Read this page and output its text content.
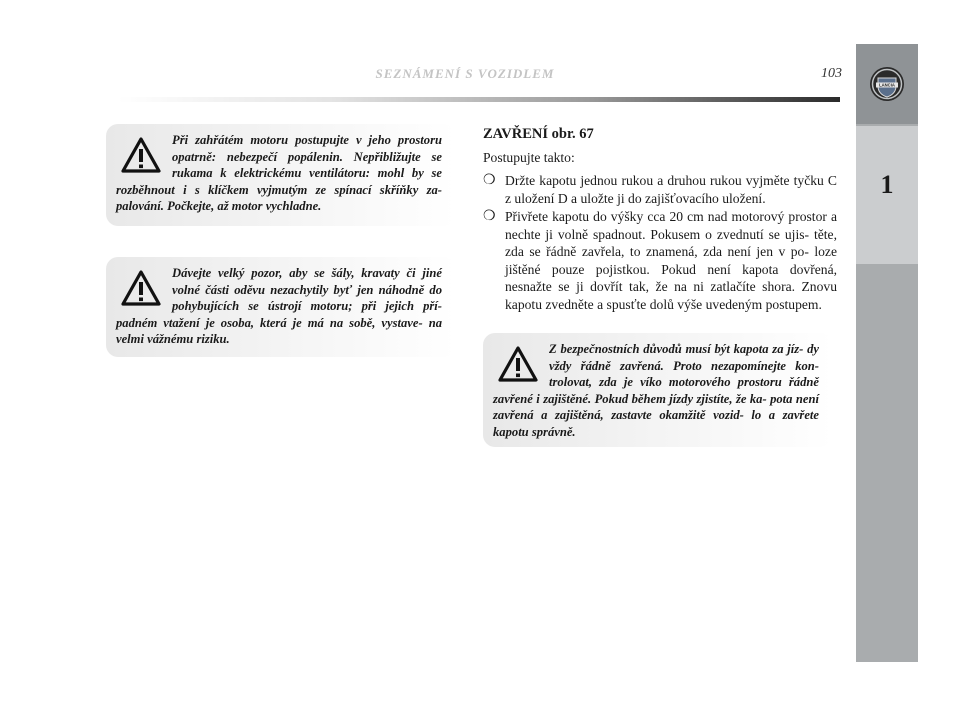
SEZNÁMENÍ S VOZIDLEM	103
LANCIA
1

Při zahřátém motoru postupujte v jeho prostoru opatrně: nebezpečí popálenin. Nepřibližujte se rukama k elektrickému ventilátoru: mohl by se rozběhnout i s klíčkem vyjmutým ze spínací skříňky za- palování. Počkejte, až motor vychladne.

Dávejte velký pozor, aby se šály, kravaty či jiné volné části oděvu nezachytily byť jen náhodně do pohybujících se ústrojí motoru; při jejich pří- padném vtažení je osoba, která je má na sobě, vystave- na velmi vážnému riziku.

ZAVŘENÍ obr. 67
Postupujte takto:
❍ Držte kapotu jednou rukou a druhou rukou vyjměte tyčku C z uložení D a uložte ji do zajišťovacího uložení.
❍ Přivřete kapotu do výšky cca 20 cm nad motorový prostor a nechte ji volně spadnout. Pokusem o zvednutí se ujis- těte, zda se řádně zavřela, to znamená, zda není jen v po- loze jištěné pouze pojistkou. Pokud není kapota dovřená, nesnažte se ji dovřít tak, že na ni zatlačíte shora. Znovu kapotu zvedněte a spusťte dolů výše uvedeným postupem.

Z bezpečnostních důvodů musí být kapota za jíz- dy vždy řádně zavřená. Proto nezapomínejte kon- trolovat, zda je víko motorového prostoru řádně zavřené i zajištěné. Pokud během jízdy zjistíte, že ka- pota není zavřená a zajištěná, zastavte okamžitě vozid- lo a zavřete kapotu správně.
